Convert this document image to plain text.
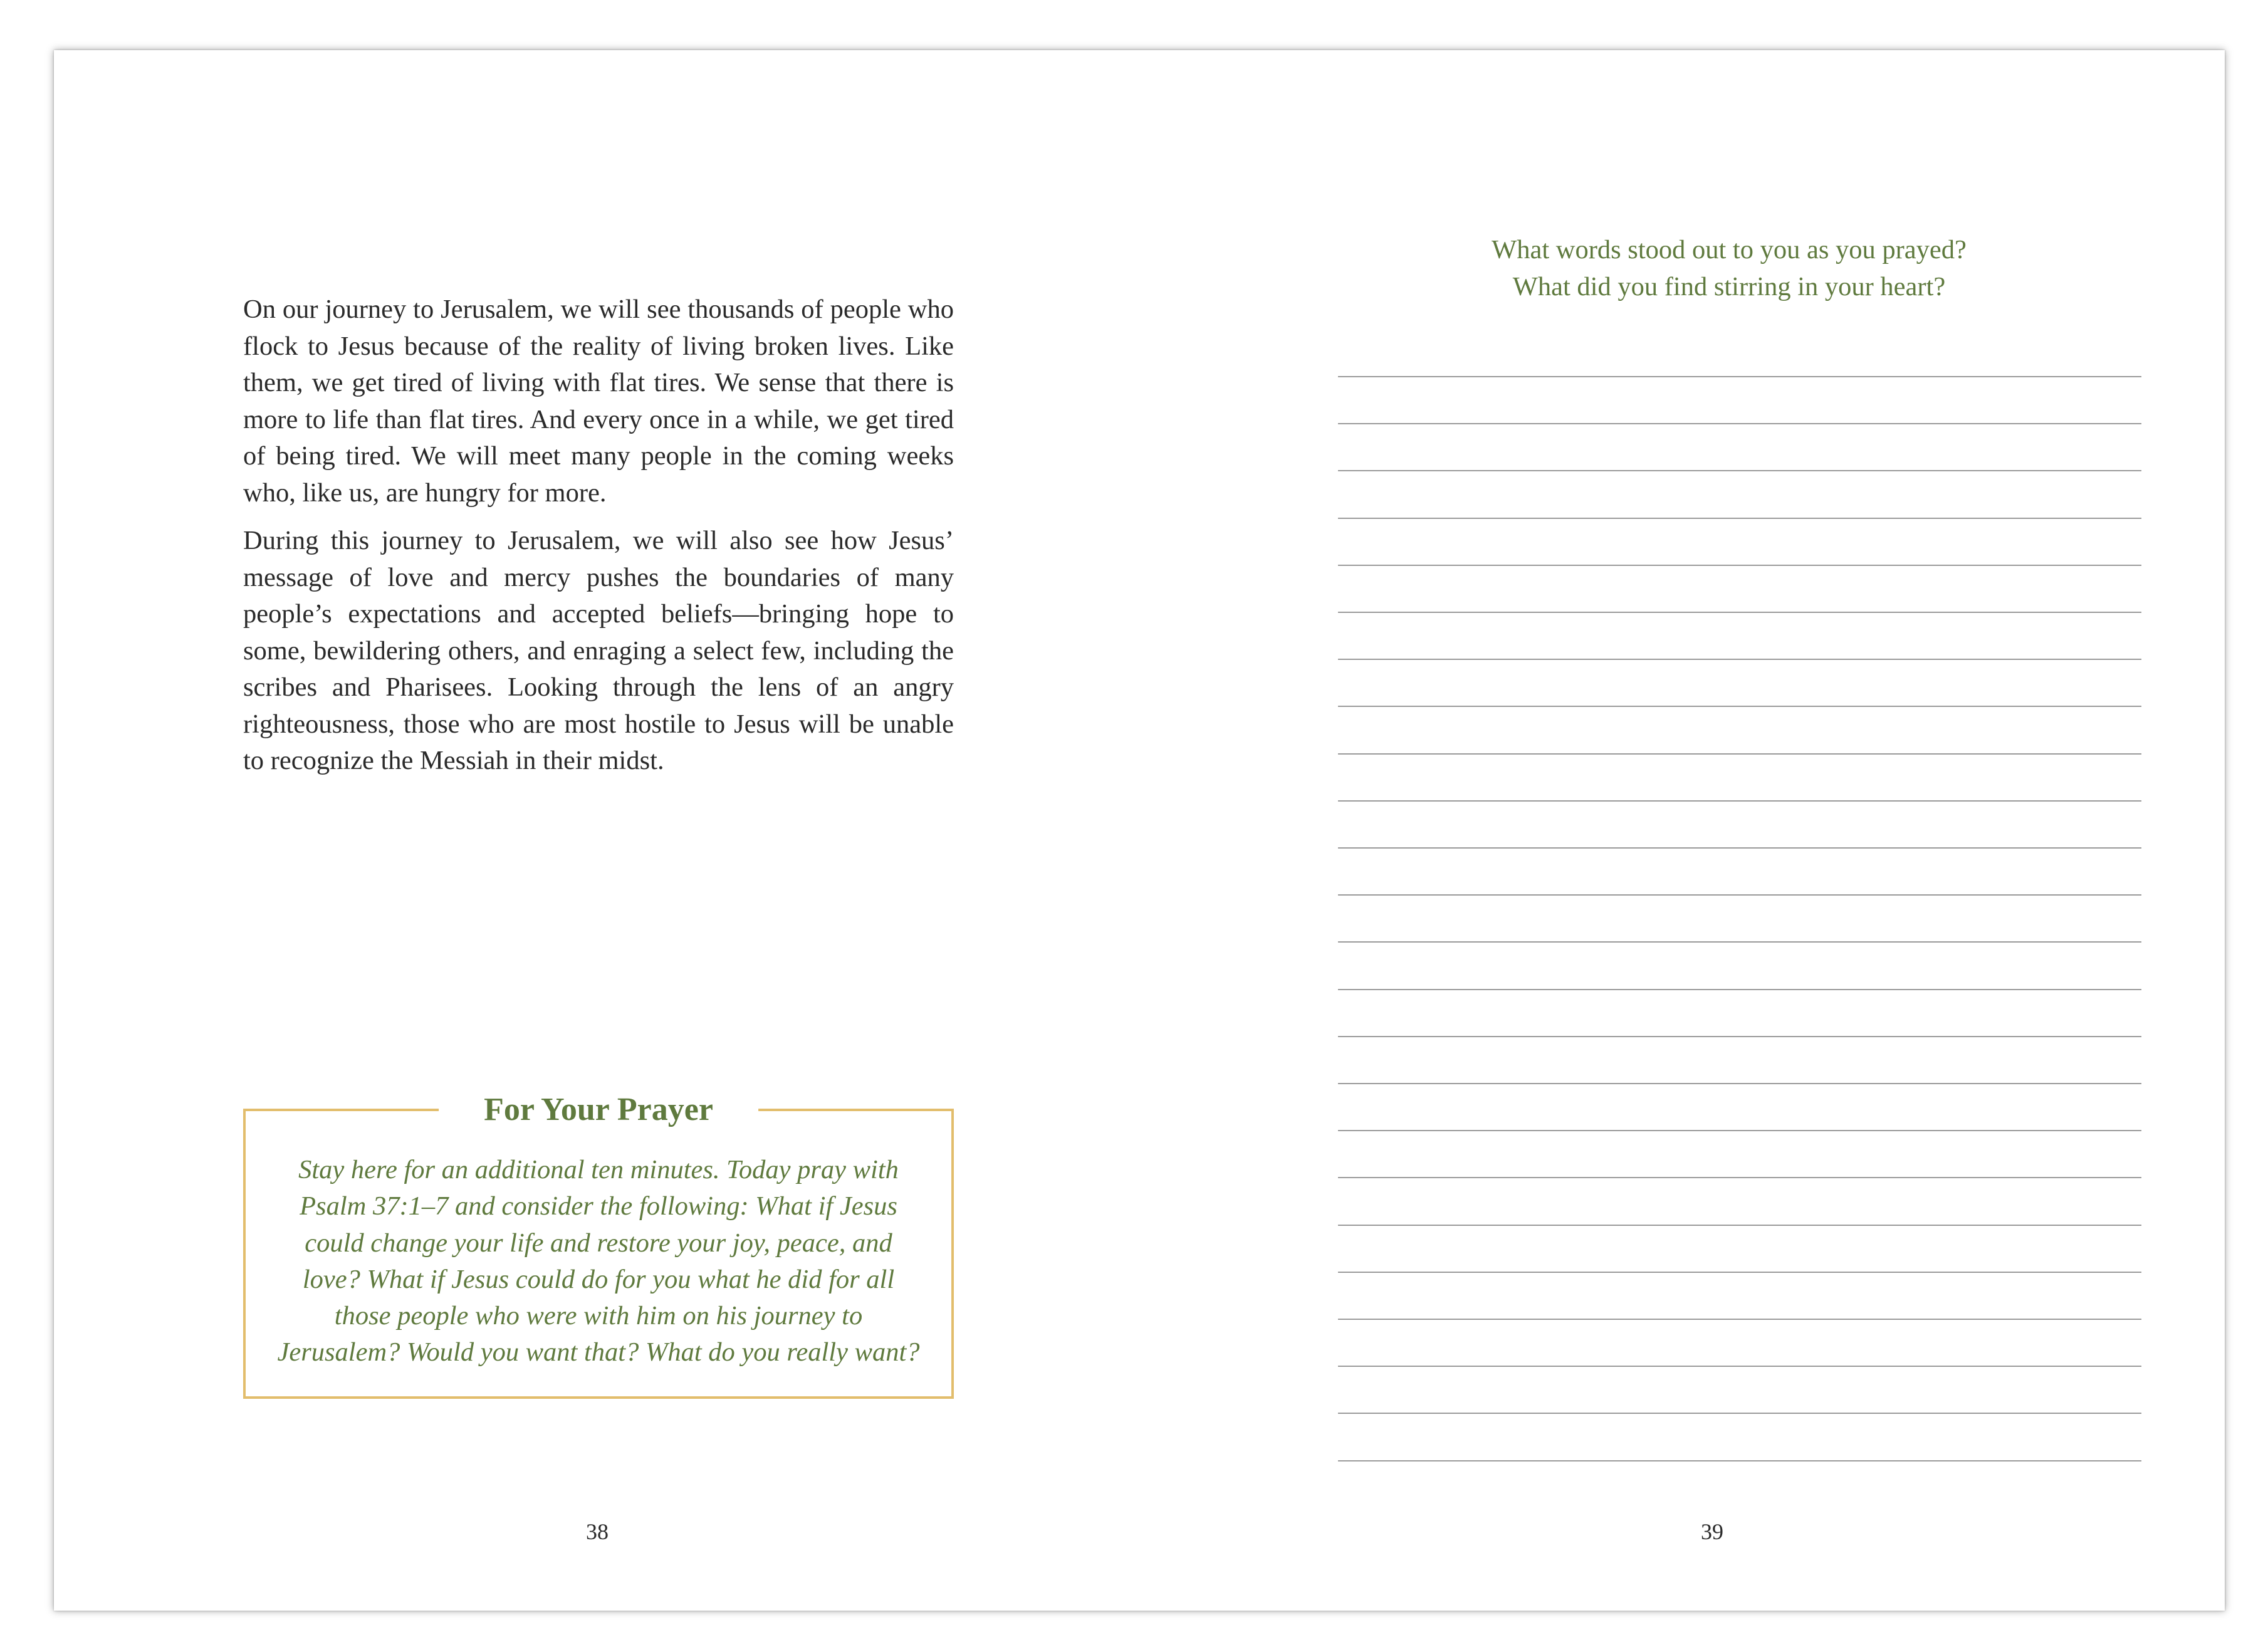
On our journey to Jerusalem, we will see thousands of people who flock to Jesus because of the reality of living broken lives. Like them, we get tired of living with flat tires. We sense that there is more to life than flat tires. And every once in a while, we get tired of being tired. We will meet many people in the coming weeks who, like us, are hungry for more.

During this journey to Jerusalem, we will also see how Jesus’ message of love and mercy pushes the boundaries of many people’s expectations and accepted beliefs—bringing hope to some, bewildering others, and enraging a select few, including the scribes and Pharisees. Looking through the lens of an angry righteousness, those who are most hostile to Jesus will be unable to recognize the Messiah in their midst.

For Your Prayer

Stay here for an additional ten minutes. Today pray with Psalm 37:1–7 and consider the following: What if Jesus could change your life and restore your joy, peace, and love? What if Jesus could do for you what he did for all those people who were with him on his journey to Jerusalem? Would you want that? What do you really want?

38

What words stood out to you as you prayed?
What did you find stirring in your heart?

39
